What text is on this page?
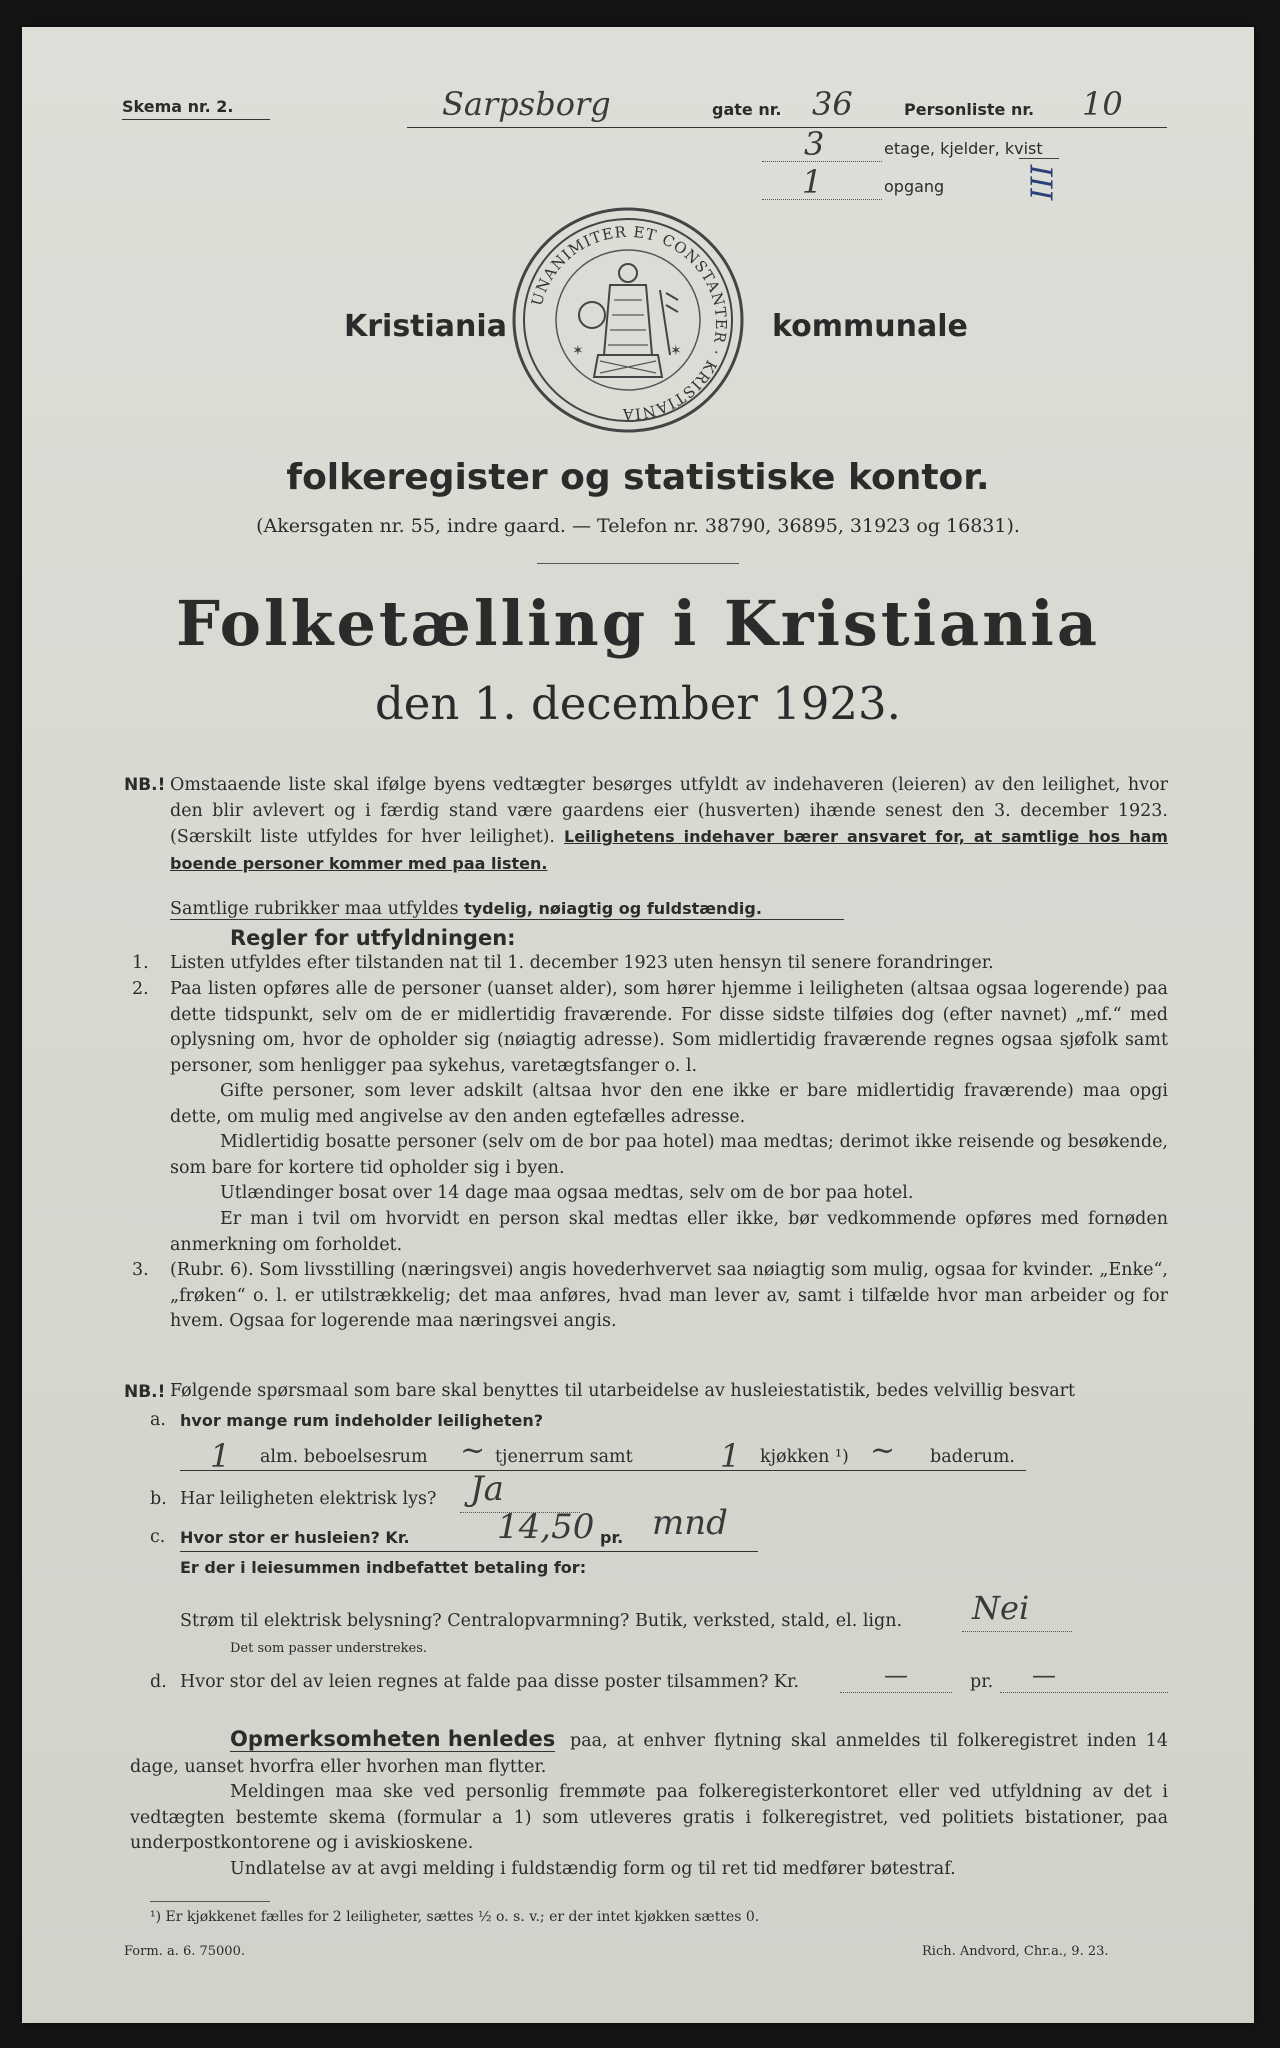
Skema nr. 2.	Sarpsborg	gate nr. 36	Personliste nr. 10
3	etage, kjelder, kvist
1	opgang	III
Kristiania	kommunale
UNANIMITER ET CONSTANTER · KRISTIANIA
✶	✶
folkeregister og statistiske kontor.
(Akersgaten nr. 55, indre gaard. — Telefon nr. 38790, 36895, 31923 og 16831).
Folketælling i Kristiania
den 1. december 1923.
NB.! Omstaaende liste skal ifølge byens vedtægter besørges utfyldt av indehaveren (leieren) av den leilighet, hvor den blir avlevert og i færdig stand være gaardens eier (husverten) ihænde senest den 3. december 1923. (Særskilt liste utfyldes for hver leilighet). Leilighetens indehaver bærer ansvaret for, at samtlige hos ham boende personer kommer med paa listen.
Samtlige rubrikker maa utfyldes tydelig, nøiagtig og fuldstændig.
Regler for utfyldningen:
1. Listen utfyldes efter tilstanden nat til 1. december 1923 uten hensyn til senere forandringer.
2. Paa listen opføres alle de personer (uanset alder), som hører hjemme i leiligheten (altsaa ogsaa logerende) paa dette tidspunkt, selv om de er midlertidig fraværende. For disse sidste tilføies dog (efter navnet) „mf.“ med oplysning om, hvor de opholder sig (nøiagtig adresse). Som midlertidig fraværende regnes ogsaa sjøfolk samt personer, som henligger paa sykehus, varetægtsfanger o. l.
Gifte personer, som lever adskilt (altsaa hvor den ene ikke er bare midlertidig fraværende) maa opgi dette, om mulig med angivelse av den anden egtefælles adresse.
Midlertidig bosatte personer (selv om de bor paa hotel) maa medtas; derimot ikke reisende og besøkende, som bare for kortere tid opholder sig i byen.
Utlændinger bosat over 14 dage maa ogsaa medtas, selv om de bor paa hotel.
Er man i tvil om hvorvidt en person skal medtas eller ikke, bør vedkommende opføres med fornøden anmerkning om forholdet.
3. (Rubr. 6). Som livsstilling (næringsvei) angis hovederhvervet saa nøiagtig som mulig, ogsaa for kvinder. „Enke“, „frøken“ o. l. er utilstrækkelig; det maa anføres, hvad man lever av, samt i tilfælde hvor man arbeider og for hvem. Ogsaa for logerende maa næringsvei angis.
NB.! Følgende spørsmaal som bare skal benyttes til utarbeidelse av husleiestatistik, bedes velvillig besvart
a. hvor mange rum indeholder leiligheten?
1 alm. beboelsesrum ~ tjenerrum samt	1 kjøkken ¹) ~ baderum.
b. Har leiligheten elektrisk lys? Ja
c. Hvor stor er husleien? Kr.	14,50 pr. mnd
Er der i leiesummen indbefattet betaling for:
Strøm til elektrisk belysning? Centralopvarmning? Butik, verksted, stald, el. lign. Nei
Det som passer understrekes.
d. Hvor stor del av leien regnes at falde paa disse poster tilsammen? Kr.	—	pr. —
Opmerksomheten henledes paa, at enhver flytning skal anmeldes til folkeregistret inden 14 dage, uanset hvorfra eller hvorhen man flytter.
Meldingen maa ske ved personlig fremmøte paa folkeregisterkontoret eller ved utfyldning av det i vedtægten bestemte skema (formular a 1) som utleveres gratis i folkeregistret, ved politiets bistationer, paa underpostkontorene og i aviskioskene.
Undlatelse av at avgi melding i fuldstændig form og til ret tid medfører bøtestraf.
¹) Er kjøkkenet fælles for 2 leiligheter, sættes ½ o. s. v.; er der intet kjøkken sættes 0.
Form. a. 6. 75000.	Rich. Andvord, Chr.a., 9. 23.
